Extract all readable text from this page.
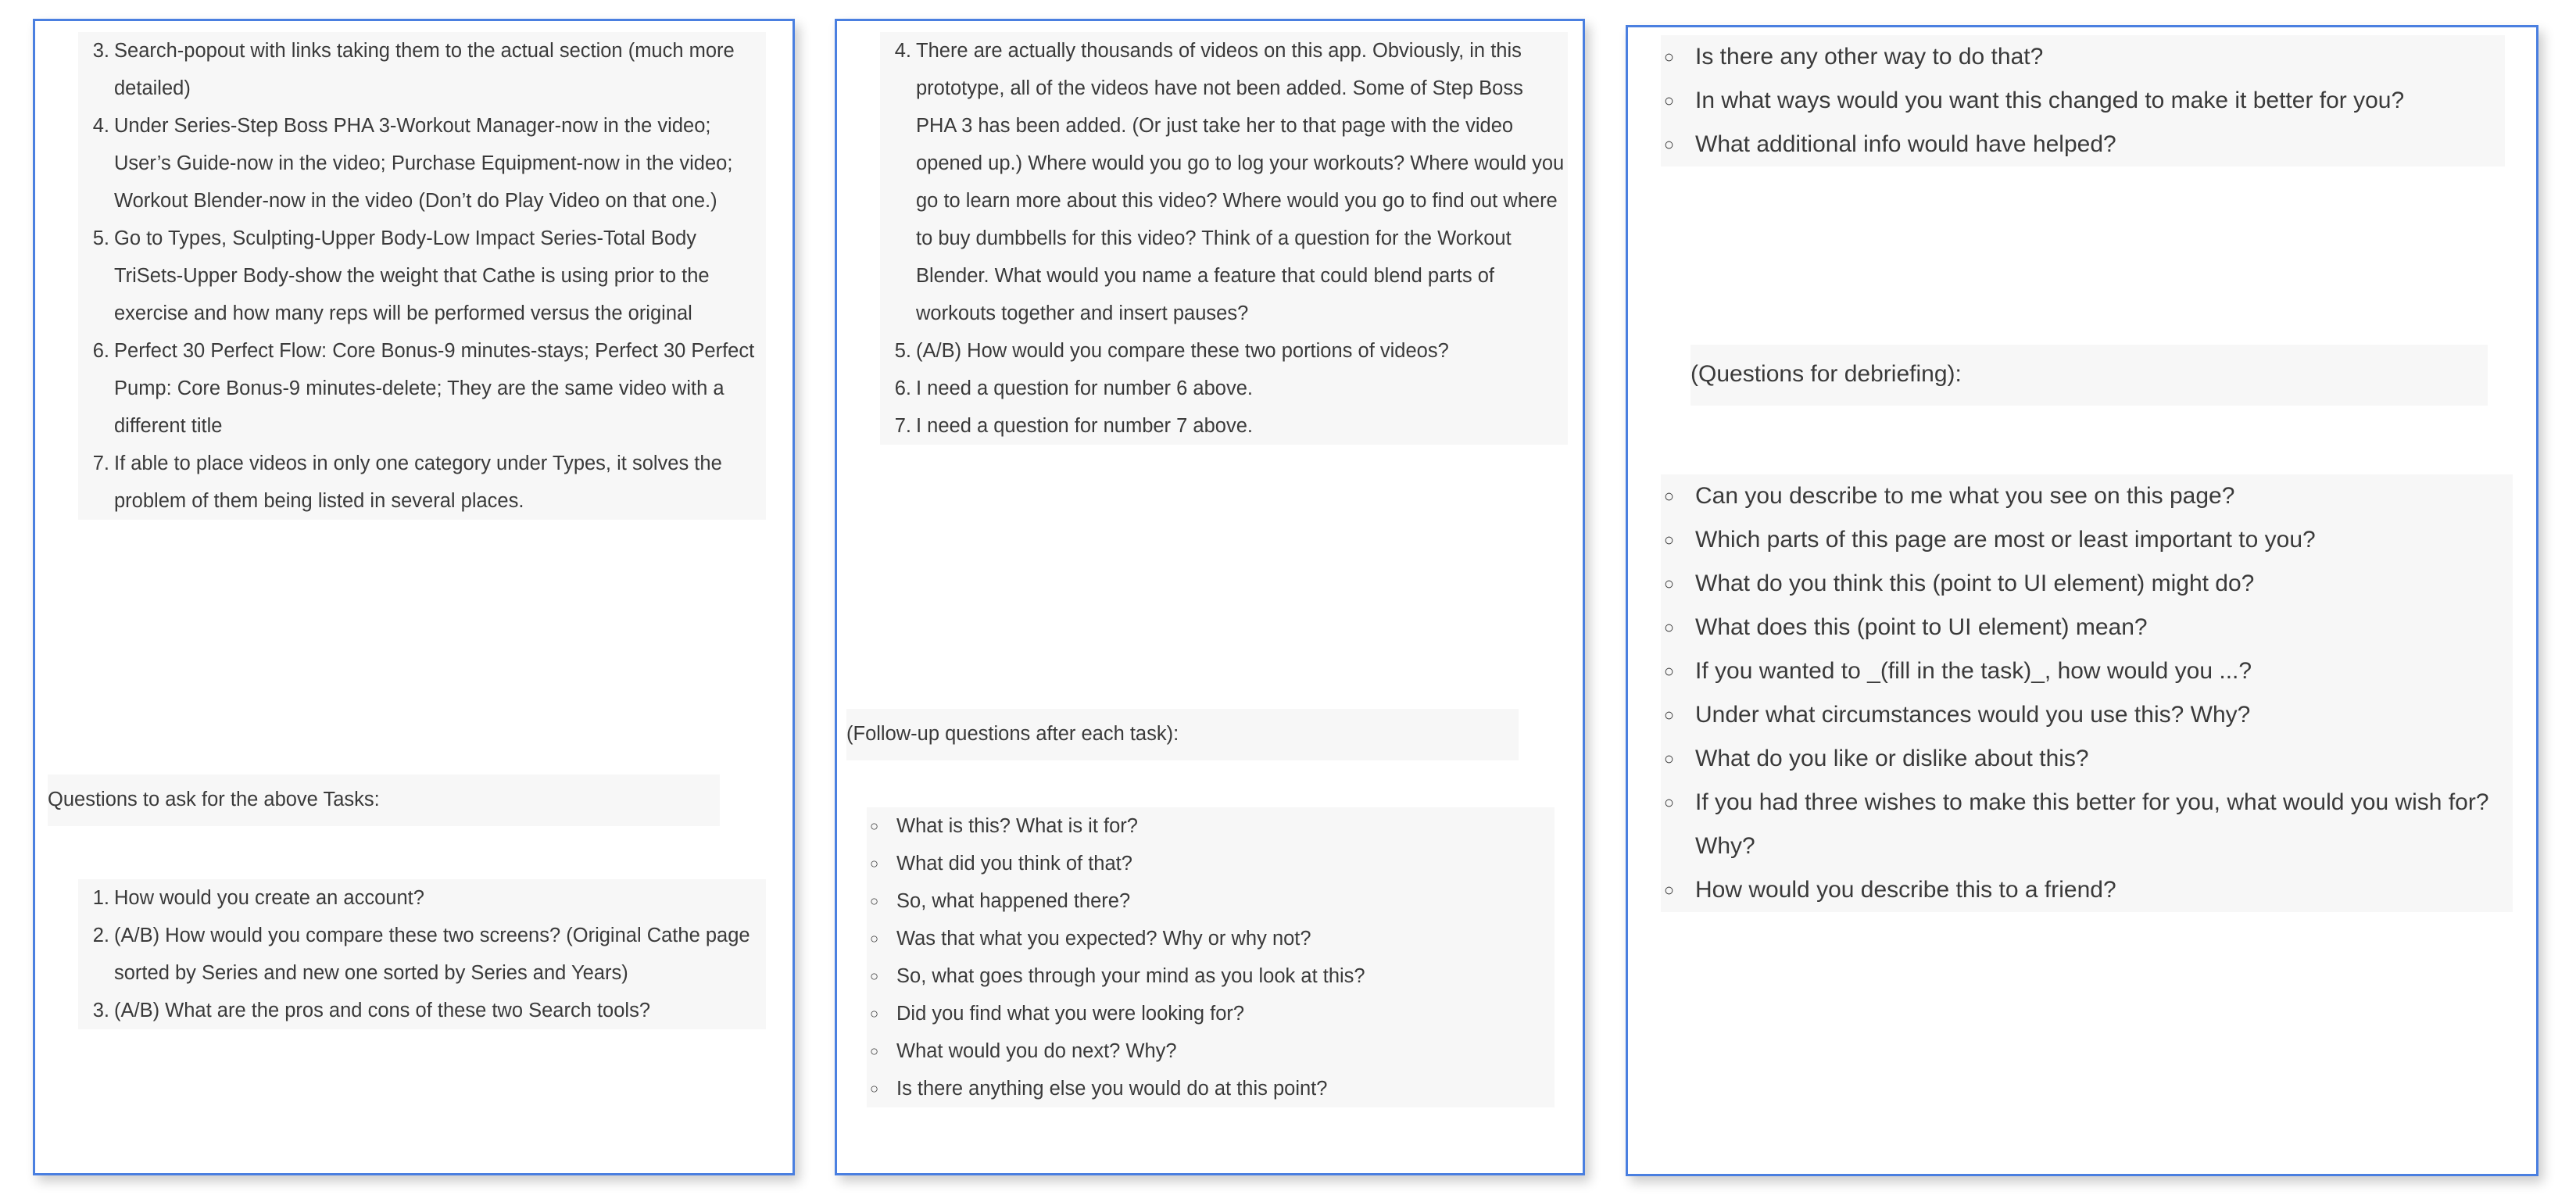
3. Search-popout with links taking them to the actual section (much more detailed)
4. Under Series-Step Boss PHA 3-Workout Manager-now in the video; User’s Guide-now in the video; Purchase Equipment-now in the video; Workout Blender-now in the video (Don’t do Play Video on that one.)
5. Go to Types, Sculpting-Upper Body-Low Impact Series-Total Body TriSets-Upper Body-show the weight that Cathe is using prior to the exercise and how many reps will be performed versus the original
6. Perfect 30 Perfect Flow: Core Bonus-9 minutes-stays; Perfect 30 Perfect Pump: Core Bonus-9 minutes-delete; They are the same video with a different title
7. If able to place videos in only one category under Types, it solves the problem of them being listed in several places.
Questions to ask for the above Tasks:
1. How would you create an account?
2. (A/B) How would you compare these two screens? (Original Cathe page sorted by Series and new one sorted by Series and Years)
3. (A/B) What are the pros and cons of these two Search tools?
4. There are actually thousands of videos on this app. Obviously, in this prototype, all of the videos have not been added. Some of Step Boss PHA 3 has been added. (Or just take her to that page with the video opened up.) Where would you go to log your workouts? Where would you go to learn more about this video? Where would you go to find out where to buy dumbbells for this video? Think of a question for the Workout Blender. What would you name a feature that could blend parts of workouts together and insert pauses?
5. (A/B) How would you compare these two portions of videos?
6. I need a question for number 6 above.
7. I need a question for number 7 above.
(Follow-up questions after each task):
○ What is this? What is it for?
○ What did you think of that?
○ So, what happened there?
○ Was that what you expected? Why or why not?
○ So, what goes through your mind as you look at this?
○ Did you find what you were looking for?
○ What would you do next? Why?
○ Is there anything else you would do at this point?
○ Is there any other way to do that?
○ In what ways would you want this changed to make it better for you?
○ What additional info would have helped?
(Questions for debriefing):
○ Can you describe to me what you see on this page?
○ Which parts of this page are most or least important to you?
○ What do you think this (point to UI element) might do?
○ What does this (point to UI element) mean?
○ If you wanted to _(fill in the task)_, how would you ...?
○ Under what circumstances would you use this? Why?
○ What do you like or dislike about this?
○ If you had three wishes to make this better for you, what would you wish for? Why?
○ How would you describe this to a friend?
